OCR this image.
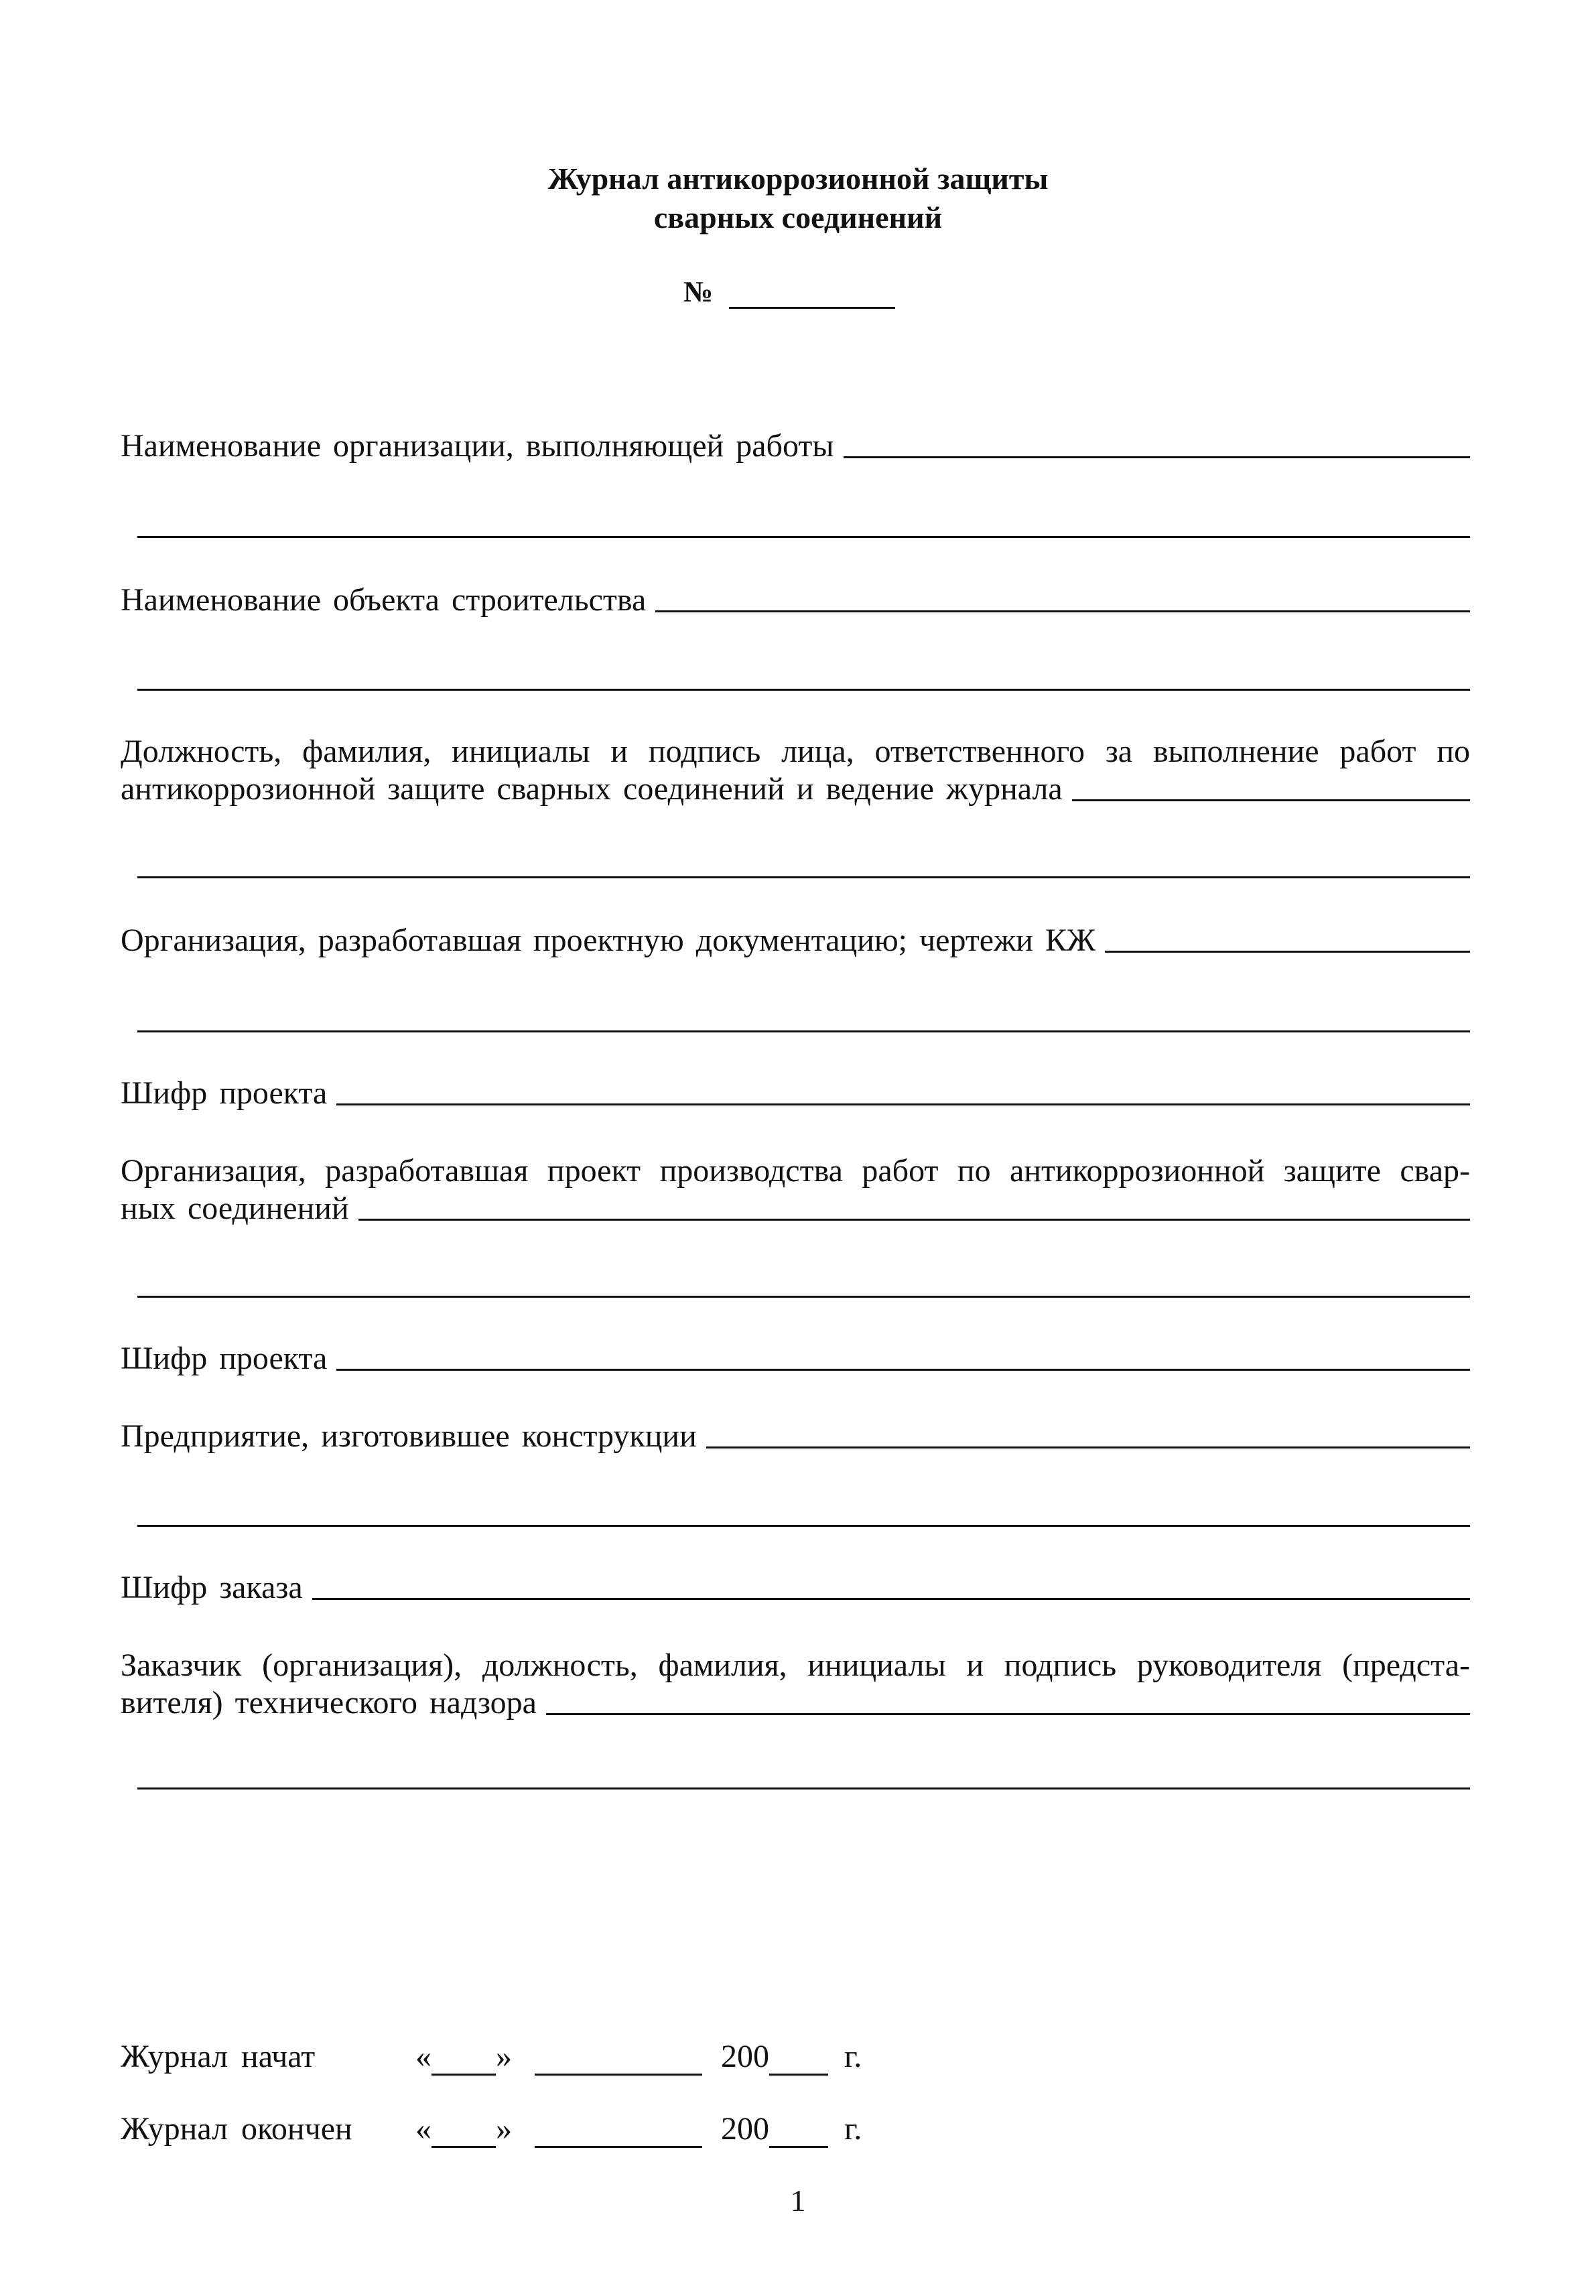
Журнал антикоррозионной защиты
сварных соединений
№
Наименование организации, выполняющей работы
Наименование объекта строительства
Должность, фамилия, инициалы и подпись лица, ответственного за выполнение работ по
антикоррозионной защите сварных соединений и ведение журнала
Организация, разработавшая проектную документацию; чертежи КЖ
Шифр проекта
Организация, разработавшая проект производства работ по антикоррозионной защите свар-
ных соединений
Шифр проекта
Предприятие, изготовившее конструкции
Шифр заказа
Заказчик (организация), должность, фамилия, инициалы и подпись руководителя (предста-
вителя) технического надзора
Журнал начат	« »	200 г.
Журнал окончен	« »	200 г.
1
